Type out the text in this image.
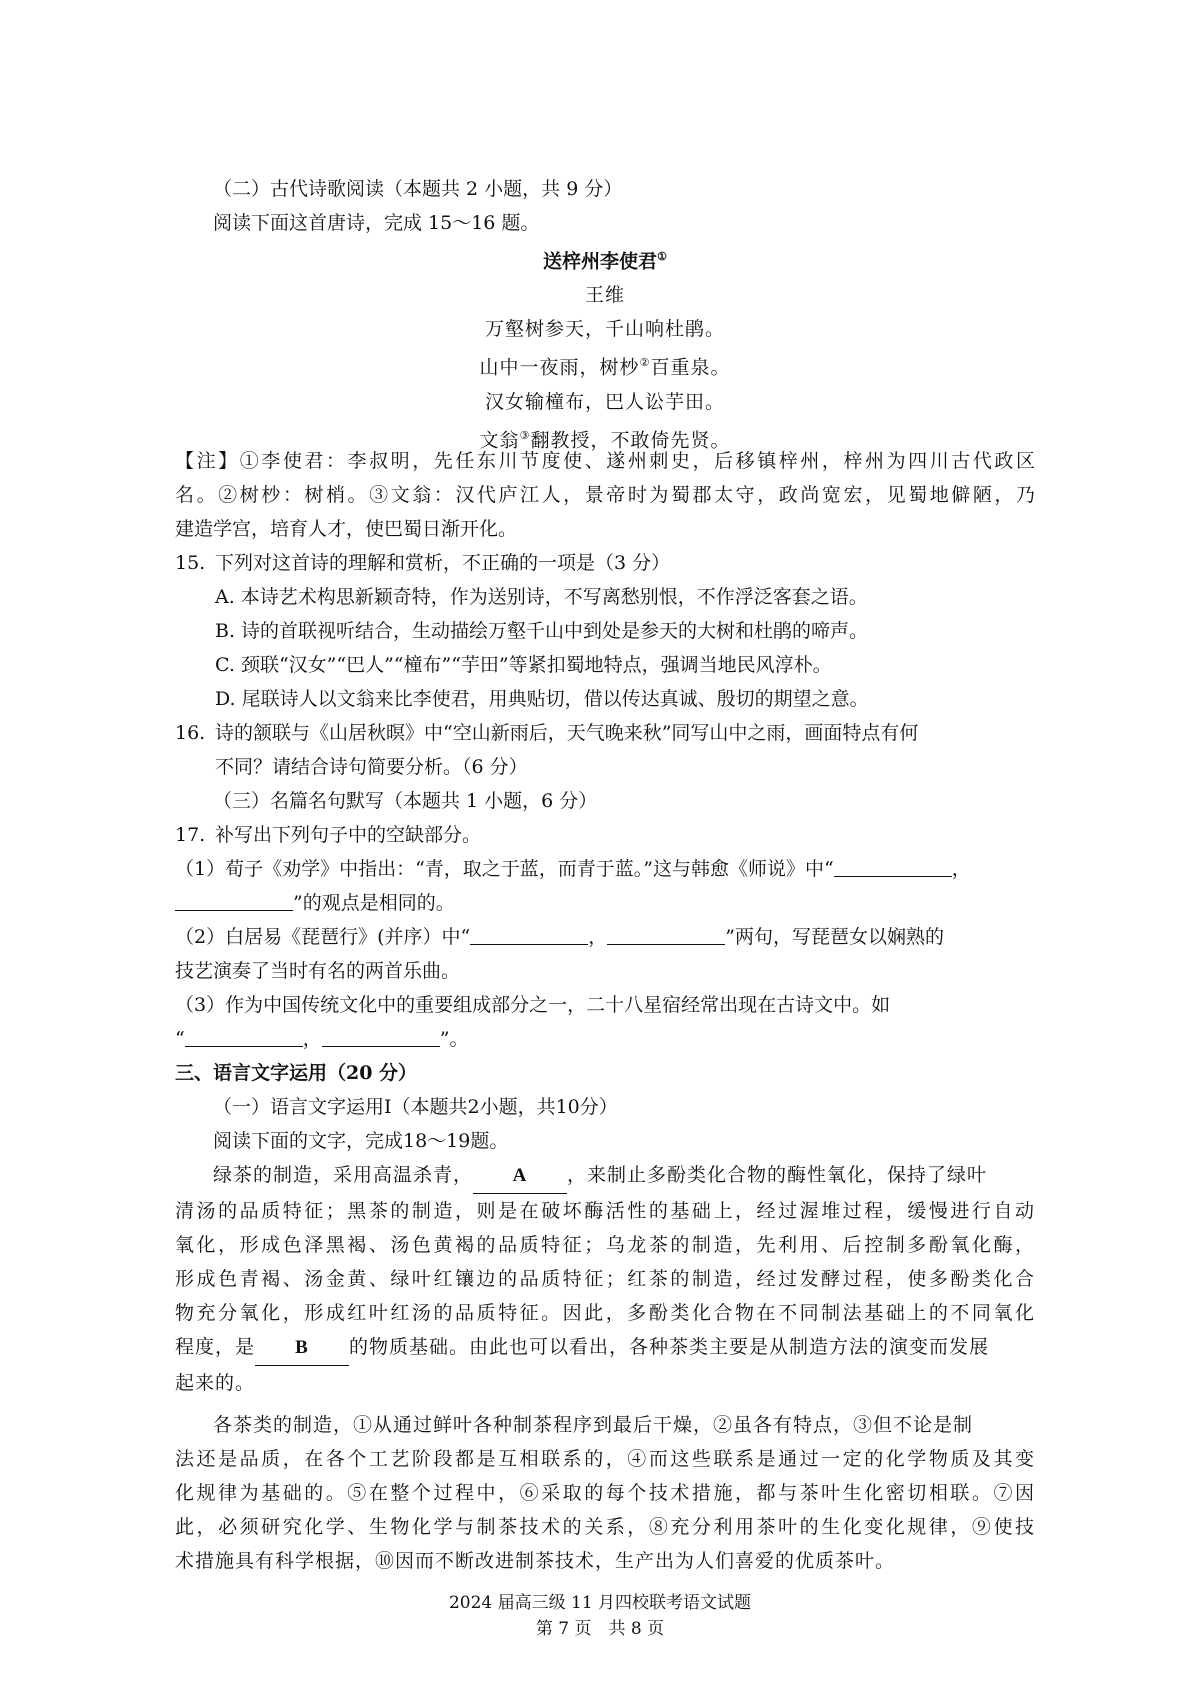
（二）古代诗歌阅读（本题共 2 小题，共 9 分）
阅读下面这首唐诗，完成 15～16 题。
送梓州李使君①
王维
万壑树参天，千山响杜鹃。
山中一夜雨，树杪②百重泉。
汉女输橦布，巴人讼芋田。
文翁③翻教授，不敢倚先贤。
【注】①李使君：李叔明，先任东川节度使、遂州刺史，后移镇梓州，梓州为四川古代政区
名。②树杪：树梢。③文翁：汉代庐江人，景帝时为蜀郡太守，政尚宽宏，见蜀地僻陋，乃
建造学宫，培育人才，使巴蜀日渐开化。
15. 下列对这首诗的理解和赏析，不正确的一项是（3 分）
A. 本诗艺术构思新颖奇特，作为送别诗，不写离愁别恨，不作浮泛客套之语。
B. 诗的首联视听结合，生动描绘万壑千山中到处是参天的大树和杜鹃的啼声。
C. 颈联“汉女”“巴人”“橦布”“芋田”等紧扣蜀地特点，强调当地民风淳朴。
D. 尾联诗人以文翁来比李使君，用典贴切，借以传达真诚、殷切的期望之意。
16. 诗的颔联与《山居秋暝》中“空山新雨后，天气晚来秋”同写山中之雨，画面特点有何
不同？请结合诗句简要分析。（6 分）
（三）名篇名句默写（本题共 1 小题，6 分）
17. 补写出下列句子中的空缺部分。
（1）荀子《劝学》中指出：“青，取之于蓝，而青于蓝。”这与韩愈《师说》中“	，
”的观点是相同的。
（2）白居易《琵琶行》(并序）中“	，	”两句，写琵琶女以娴熟的
技艺演奏了当时有名的两首乐曲。
（3）作为中国传统文化中的重要组成部分之一，二十八星宿经常出现在古诗文中。如
“	，	”。
三、语言文字运用（20 分）
（一）语言文字运用I（本题共2小题，共10分）
阅读下面的文字，完成18～19题。
绿茶的制造，采用高温杀青， A ，来制止多酚类化合物的酶性氧化，保持了绿叶
清汤的品质特征；黑茶的制造，则是在破坏酶活性的基础上，经过渥堆过程，缓慢进行自动
氧化，形成色泽黑褐、汤色黄褐的品质特征；乌龙茶的制造，先利用、后控制多酚氧化酶，
形成色青褐、汤金黄、绿叶红镶边的品质特征；红茶的制造，经过发酵过程，使多酚类化合
物充分氧化，形成红叶红汤的品质特征。因此，多酚类化合物在不同制法基础上的不同氧化
程度，是 B 的物质基础。由此也可以看出，各种茶类主要是从制造方法的演变而发展
起来的。
各茶类的制造，①从通过鲜叶各种制茶程序到最后干燥，②虽各有特点，③但不论是制
法还是品质，在各个工艺阶段都是互相联系的，④而这些联系是通过一定的化学物质及其变
化规律为基础的。⑤在整个过程中，⑥采取的每个技术措施，都与茶叶生化密切相联。⑦因
此，必须研究化学、生物化学与制茶技术的关系，⑧充分利用茶叶的生化变化规律，⑨使技
术措施具有科学根据，⑩因而不断改进制茶技术，生产出为人们喜爱的优质茶叶。
2024 届高三级 11 月四校联考语文试题
第 7 页　共 8 页
